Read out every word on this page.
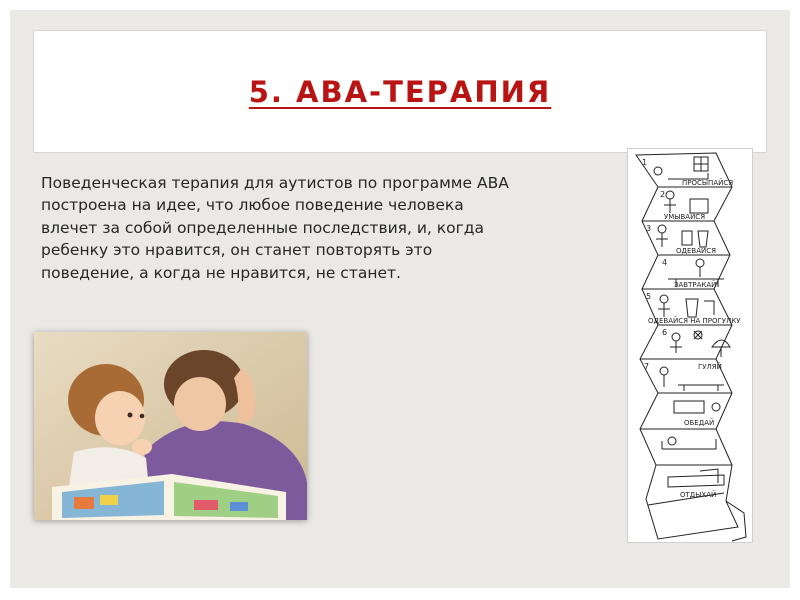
5. АВА-ТЕРАПИЯ

Поведенческая терапия для аутистов по программе АВА построена на идее, что любое поведение человека влечет за собой определенные последствия, и, когда ребенку это нравится, он станет повторять это поведение, а когда не нравится, не станет.

1
2
3
4
5
6
7
ПРОСЫПАЙСЯ
УМЫВАЙСЯ
ОДЕВАЙСЯ
ЗАВТРАКАЙ
ОДЕВАЙСЯ НА ПРОГУЛКУ
ГУЛЯЙ
ОБЕДАЙ
ОТДЫХАЙ
